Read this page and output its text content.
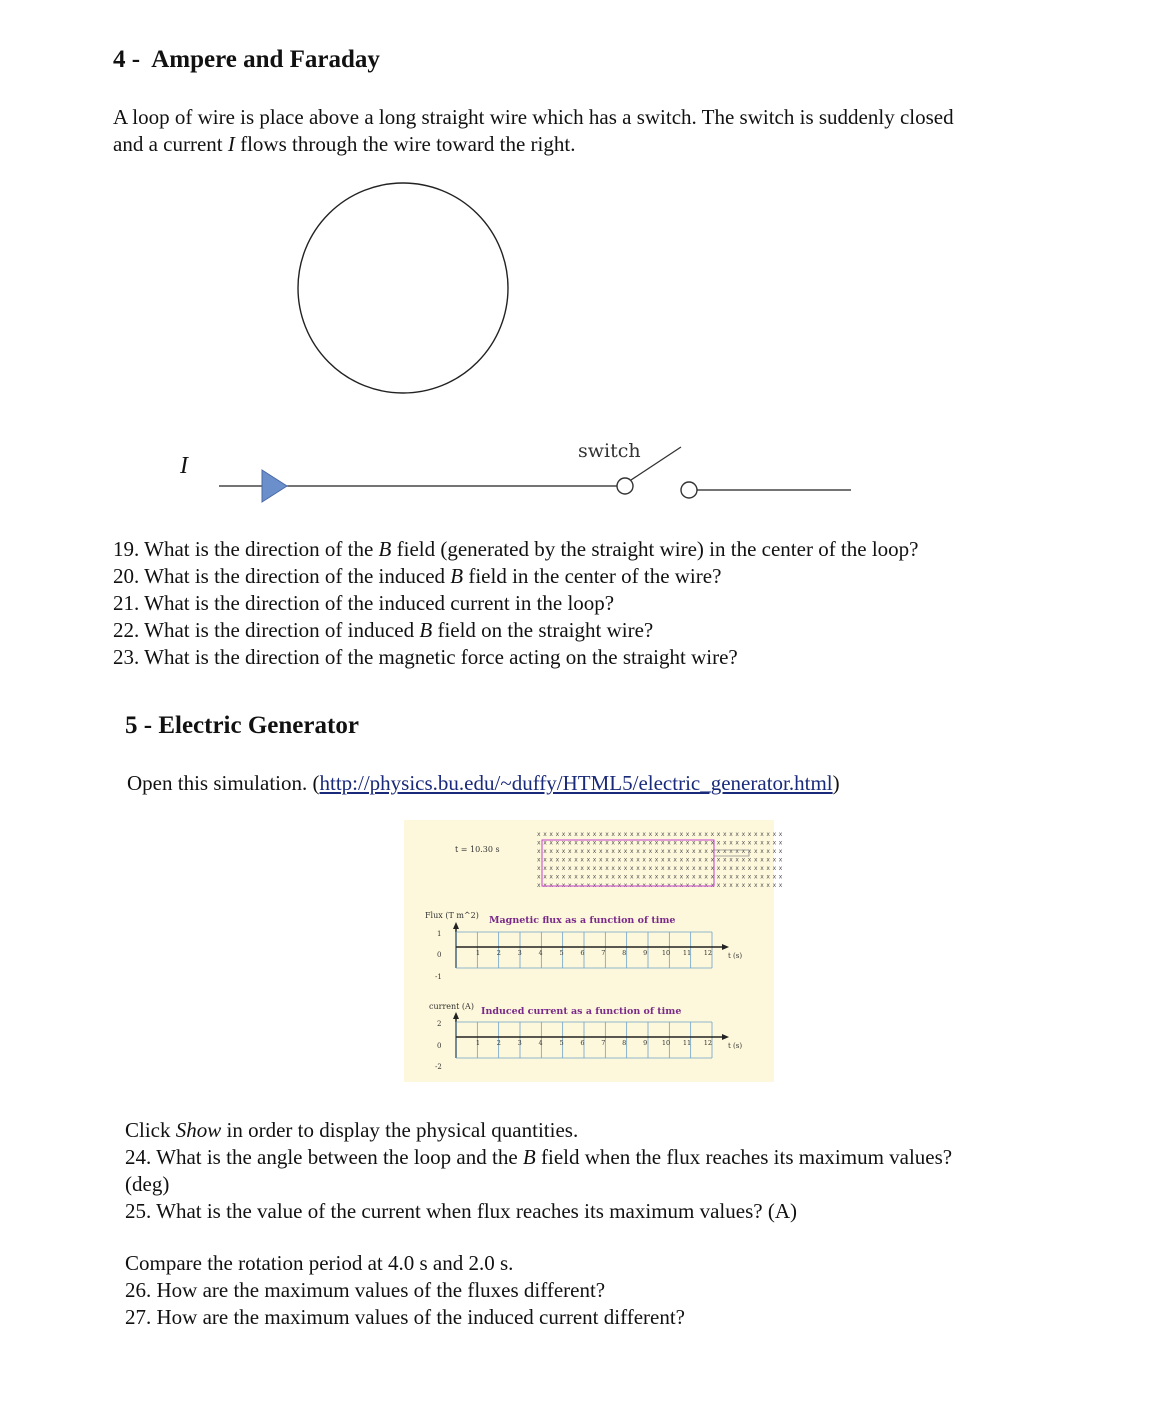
4 - Ampere and Faraday
A loop of wire is place above a long straight wire which has a switch. The switch is suddenly closed
and a current I flows through the wire toward the right.
I
switch
19. What is the direction of the B field (generated by the straight wire) in the center of the loop?
20. What is the direction of the induced B field in the center of the wire?
21. What is the direction of the induced current in the loop?
22. What is the direction of induced B field on the straight wire?
23. What is the direction of the magnetic force acting on the straight wire?
5 - Electric Generator
Open this simulation. (http://physics.bu.edu/~duffy/HTML5/electric_generator.html)
t = 10.30 s
x x x x x x x x x x x x x x x x x x x x x x x x x x x x x x x x x x x x x x x x
x x x x x x x x x x x x x x x x x x x x x x x x x x x x x x x x x x x x x x x x
x x x x x x x x x x x x x x x x x x x x x x x x x x x x x x x x x x x x x x x x
x x x x x x x x x x x x x x x x x x x x x x x x x x x x x x x x x x x x x x x x
x x x x x x x x x x x x x x x x x x x x x x x x x x x x x x x x x x x x x x x x
x x x x x x x x x x x x x x x x x x x x x x x x x x x x x x x x x x x x x x x x
x x x x x x x x x x x x x x x x x x x x x x x x x x x x x x x x x x x x x x x x
Flux (T m^2) Magnetic flux as a function of time
1
0
-1
1	2	3	4	5	6	7	8	9 10 11 12 t (s)
current (A) Induced current as a function of time
2
0
-2
1	2	3	4	5	6	7	8	9 10 11 12 t (s)
Click Show in order to display the physical quantities.
24. What is the angle between the loop and the B field when the flux reaches its maximum values?
(deg)
25. What is the value of the current when flux reaches its maximum values? (A)
Compare the rotation period at 4.0 s and 2.0 s.
26. How are the maximum values of the fluxes different?
27. How are the maximum values of the induced current different?
